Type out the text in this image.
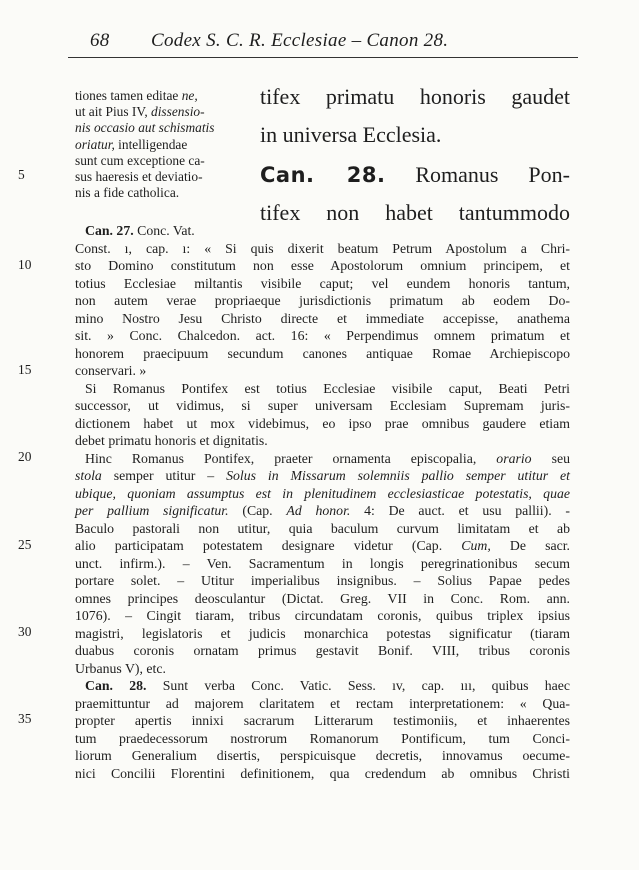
68 Codex S. C. R. Ecclesiae – Canon 28.
tiones tamen editae ne,
ut ait Pius IV, dissensio-
nis occasio aut schismatis
oriatur, intelligendae
sunt cum exceptione ca-
sus haeresis et deviatio-
nis a fide catholica.
tifex primatu honoris gaudet
in universa Ecclesia.
Can. 28. Romanus Pon-
tifex non habet tantummodo
Can. 27. Conc. Vat.
Const. ı, cap. ı: « Si quis dixerit beatum Petrum Apostolum a Chri-
sto Domino constitutum non esse Apostolorum omnium principem, et
totius Ecclesiae miltantis visibile caput; vel eundem honoris tantum,
non autem verae propriaeque jurisdictionis primatum ab eodem Do-
mino Nostro Jesu Christo directe et immediate accepisse, anathema
sit. » Conc. Chalcedon. act. 16: « Perpendimus omnem primatum et
honorem praecipuum secundum canones antiquae Romae Archiepiscopo
conservari. »
Si Romanus Pontifex est totius Ecclesiae visibile caput, Beati Petri
successor, ut vidimus, si super universam Ecclesiam Supremam juris-
dictionem habet ut mox videbimus, eo ipso prae omnibus gaudere etiam
debet primatu honoris et dignitatis.
Hinc Romanus Pontifex, praeter ornamenta episcopalia, orario seu
stola semper utitur – Solus in Missarum solemniis pallio semper utitur et
ubique, quoniam assumptus est in plenitudinem ecclesiasticae potestatis, quae
per pallium significatur. (Cap. Ad honor. 4: De auct. et usu pallii). -
Baculo pastorali non utitur, quia baculum curvum limitatam et ab
alio participatam potestatem designare videtur (Cap. Cum, De sacr.
unct. infirm.). – Ven. Sacramentum in longis peregrinationibus secum
portare solet. – Utitur imperialibus insignibus. – Solius Papae pedes
omnes principes deosculantur (Dictat. Greg. VII in Conc. Rom. ann.
1076). – Cingit tiaram, tribus circundatam coronis, quibus triplex ipsius
magistri, legislatoris et judicis monarchica potestas significatur (tiaram
duabus coronis ornatam primus gestavit Bonif. VIII, tribus coronis
Urbanus V), etc.
Can. 28. Sunt verba Conc. Vatic. Sess. ıv, cap. ııı, quibus haec
praemittuntur ad majorem claritatem et rectam interpretationem: « Qua-
propter apertis innixi sacrarum Litterarum testimoniis, et inhaerentes
tum praedecessorum nostrorum Romanorum Pontificum, tum Conci-
liorum Generalium disertis, perspicuisque decretis, innovamus oecume-
nici Concilii Florentini definitionem, qua credendum ab omnibus Christi
5
10
15
20
25
30
35
